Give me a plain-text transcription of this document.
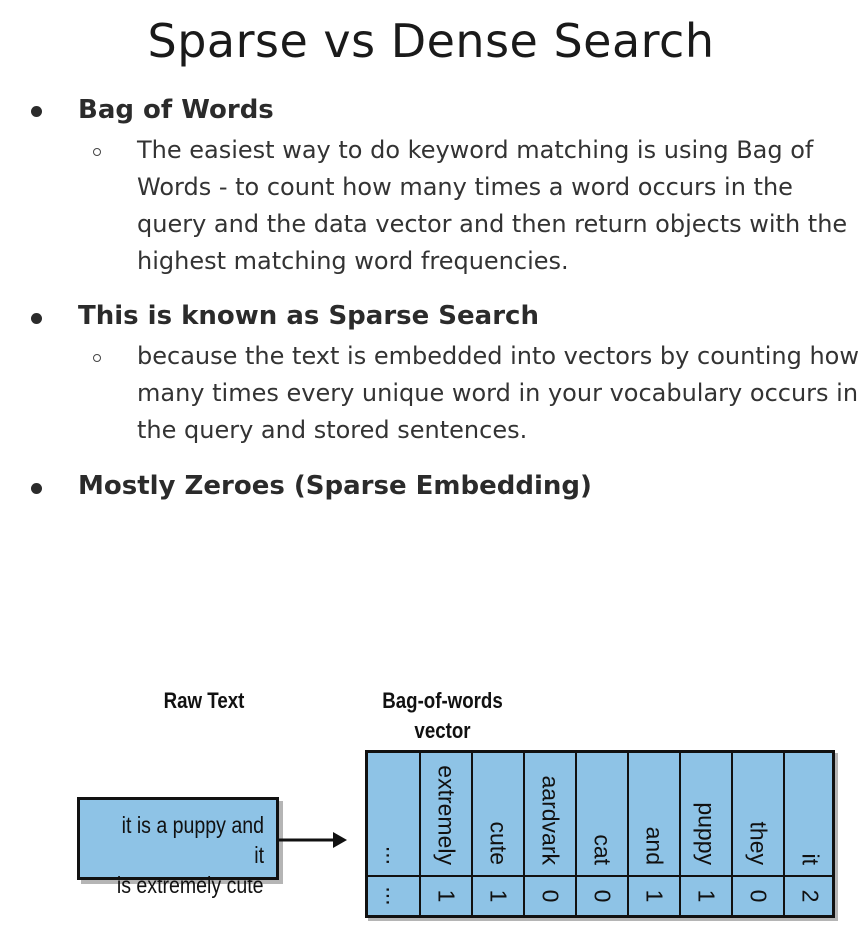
Sparse vs Dense Search
Bag of Words
The easiest way to do keyword matching is using Bag of Words - to count how many times a word occurs in the query and the data vector and then return objects with the highest matching word frequencies.
This is known as Sparse Search
because the text is embedded into vectors by counting how many times every unique word in your vocabulary occurs in the query and stored sentences.
Mostly Zeroes (Sparse Embedding)
Raw Text	Bag-of-words
vector
it is a puppy and it
is extremely cute
...
...
extremely
1
cute
1
aardvark
0
cat
0
and
1
puppy
1
they
0
it
2
